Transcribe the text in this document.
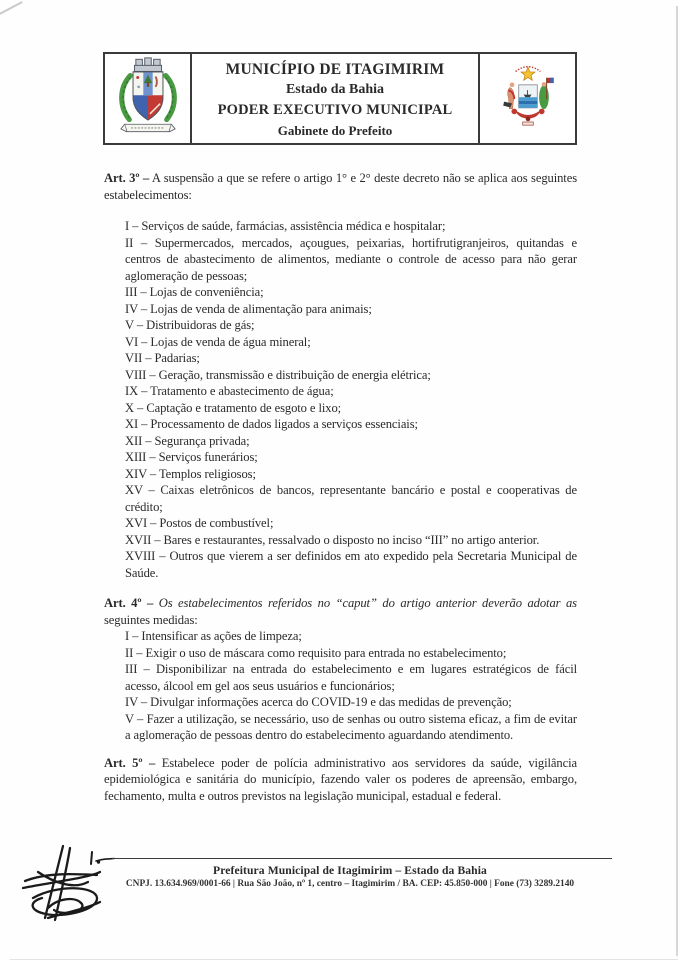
MUNICÍPIO DE ITAGIMIRIM
Estado da Bahia
PODER EXECUTIVO MUNICIPAL
Gabinete do Prefeito

Art. 3º – A suspensão a que se refere o artigo 1° e 2° deste decreto não se aplica aos seguintes estabelecimentos:

I – Serviços de saúde, farmácias, assistência médica e hospitalar;
II – Supermercados, mercados, açougues, peixarias, hortifrutigranjeiros, quitandas e centros de abastecimento de alimentos, mediante o controle de acesso para não gerar aglomeração de pessoas;
III – Lojas de conveniência;
IV – Lojas de venda de alimentação para animais;
V – Distribuidoras de gás;
VI – Lojas de venda de água mineral;
VII – Padarias;
VIII – Geração, transmissão e distribuição de energia elétrica;
IX – Tratamento e abastecimento de água;
X – Captação e tratamento de esgoto e lixo;
XI – Processamento de dados ligados a serviços essenciais;
XII – Segurança privada;
XIII – Serviços funerários;
XIV – Templos religiosos;
XV – Caixas eletrônicos de bancos, representante bancário e postal e cooperativas de crédito;
XVI – Postos de combustível;
XVII – Bares e restaurantes, ressalvado o disposto no inciso “III” no artigo anterior.
XVIII – Outros que vierem a ser definidos em ato expedido pela Secretaria Municipal de Saúde.

Art. 4º – Os estabelecimentos referidos no “caput” do artigo anterior deverão adotar as seguintes medidas:

I – Intensificar as ações de limpeza;
II – Exigir o uso de máscara como requisito para entrada no estabelecimento;
III – Disponibilizar na entrada do estabelecimento e em lugares estratégicos de fácil acesso, álcool em gel aos seus usuários e funcionários;
IV – Divulgar informações acerca do COVID-19 e das medidas de prevenção;
V – Fazer a utilização, se necessário, uso de senhas ou outro sistema eficaz, a fim de evitar a aglomeração de pessoas dentro do estabelecimento aguardando atendimento.

Art. 5º – Estabelece poder de polícia administrativo aos servidores da saúde, vigilância epidemiológica e sanitária do município, fazendo valer os poderes de apreensão, embargo, fechamento, multa e outros previstos na legislação municipal, estadual e federal.

Prefeitura Municipal de Itagimirim – Estado da Bahia
CNPJ. 13.634.969/0001-66 | Rua São João, nº 1, centro – Itagimirim / BA. CEP: 45.850-000 | Fone (73) 3289.2140
